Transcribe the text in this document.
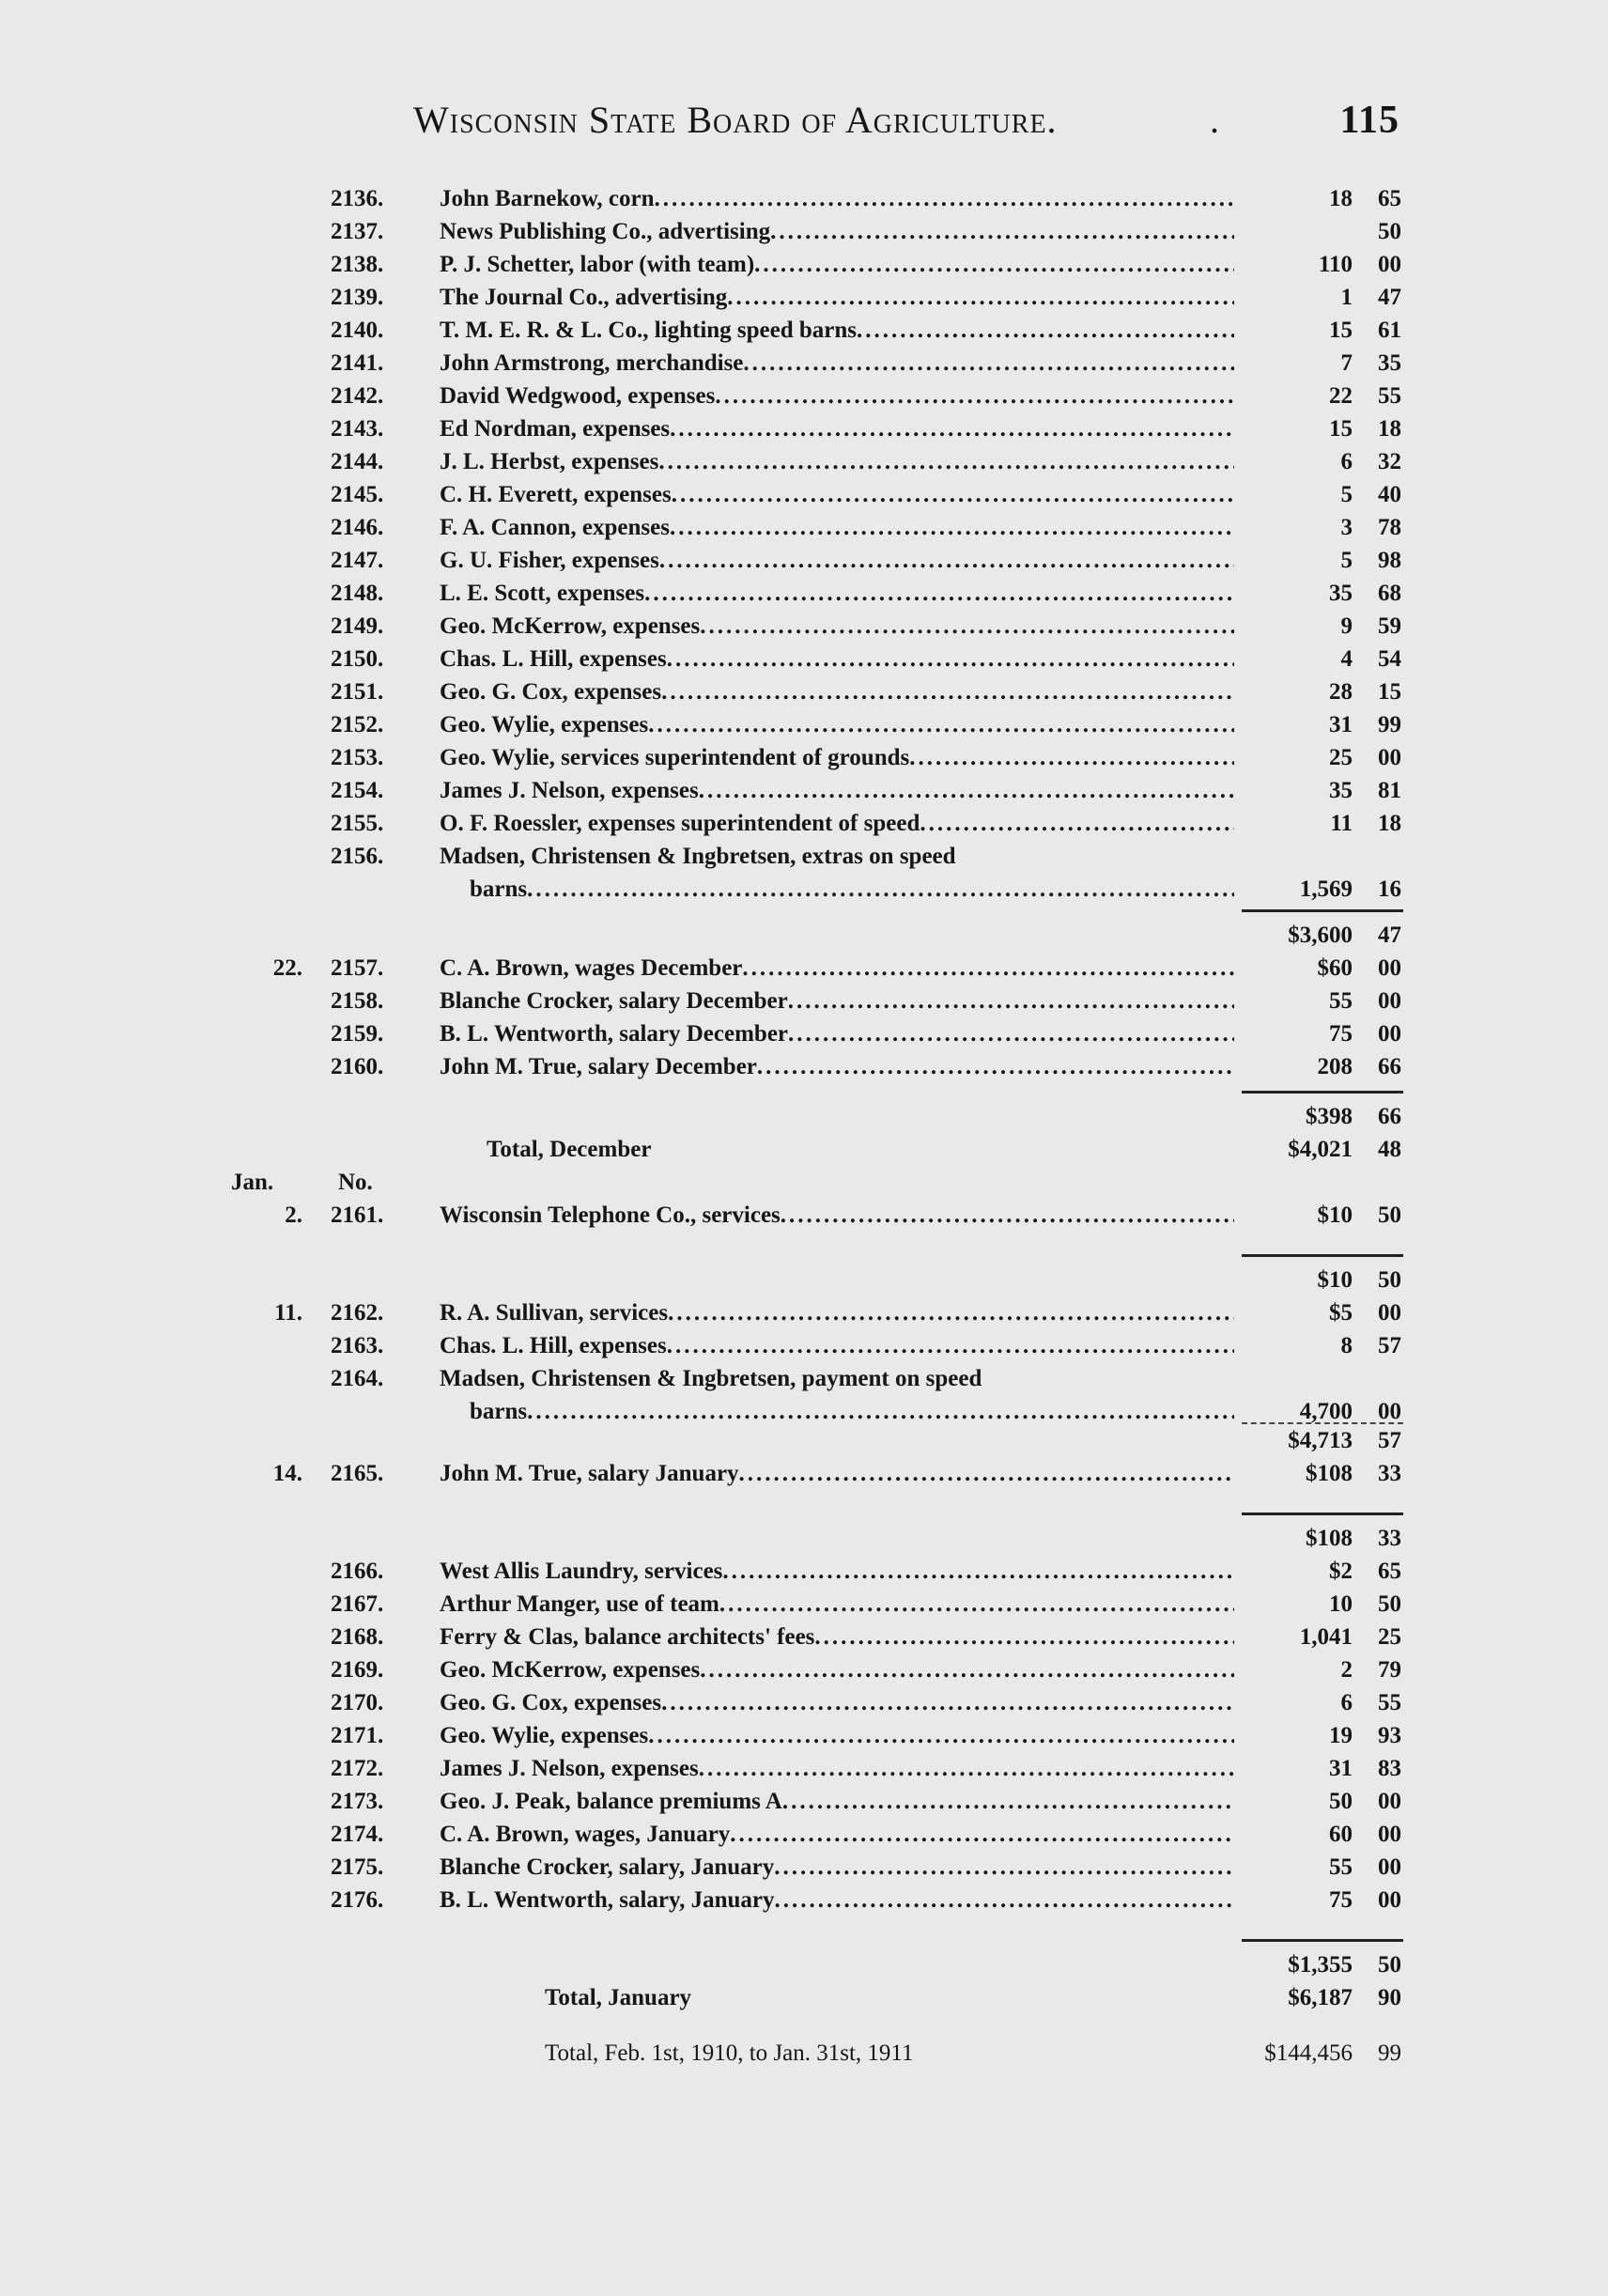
Wisconsin State Board of Agriculture.	.	115
2136. John Barnekow, corn .....	18	65
2137. News Publishing Co., advertising .....	50
2138. P. J. Schetter, labor (with team) .....	110	00
2139. The Journal Co., advertising .....	1	47
2140. T. M. E. R. & L. Co., lighting speed barns .....	15	61
2141. John Armstrong, merchandise .....	7	35
2142. David Wedgwood, expenses .....	22	55
2143. Ed Nordman, expenses .....	15	18
2144. J. L. Herbst, expenses .....	6	32
2145. C. H. Everett, expenses .....	5	40
2146. F. A. Cannon, expenses .....	3	78
2147. G. U. Fisher, expenses .....	5	98
2148. L. E. Scott, expenses .....	35	68
2149. Geo. McKerrow, expenses .....	9	59
2150. Chas. L. Hill, expenses .....	4	54
2151. Geo. G. Cox, expenses .....	28	15
2152. Geo. Wylie, expenses .....	31	99
2153. Geo. Wylie, services superintendent of grounds .....	25	00
2154. James J. Nelson, expenses .....	35	81
2155. O. F. Roessler, expenses superintendent of speed .....	11	18
2156. Madsen, Christensen & Ingbretsen, extras on speed
barns .....	1,569	16
$3,600	47
22. 2157. C. A. Brown, wages December .....	$60	00
2158. Blanche Crocker, salary December .....	55	00
2159. B. L. Wentworth, salary December .....	75	00
2160. John M. True, salary December .....	208	66
$398	66
Total, December	$4,021	48
Jan.	No.
2. 2161. Wisconsin Telephone Co., services .....	$10	50
$10	50
11. 2162. R. A. Sullivan, services .....	$5	00
2163. Chas. L. Hill, expenses .....	8	57
2164. Madsen, Christensen & Ingbretsen, payment on speed
barns .....	4,700	00
$4,713	57
14. 2165. John M. True, salary January .....	$108	33
$108	33
2166. West Allis Laundry, services .....	$2	65
2167. Arthur Manger, use of team .....	10	50
2168. Ferry & Clas, balance architects' fees .....	1,041	25
2169. Geo. McKerrow, expenses .....	2	79
2170. Geo. G. Cox, expenses .....	6	55
2171. Geo. Wylie, expenses .....	19	93
2172. James J. Nelson, expenses .....	31	83
2173. Geo. J. Peak, balance premiums A .....	50	00
2174. C. A. Brown, wages, January .....	60	00
2175. Blanche Crocker, salary, January .....	55	00
2176. B. L. Wentworth, salary, January .....	75	00
$1,355	50
Total, January	$6,187	90
Total, Feb. 1st, 1910, to Jan. 31st, 1911	$144,456	99
